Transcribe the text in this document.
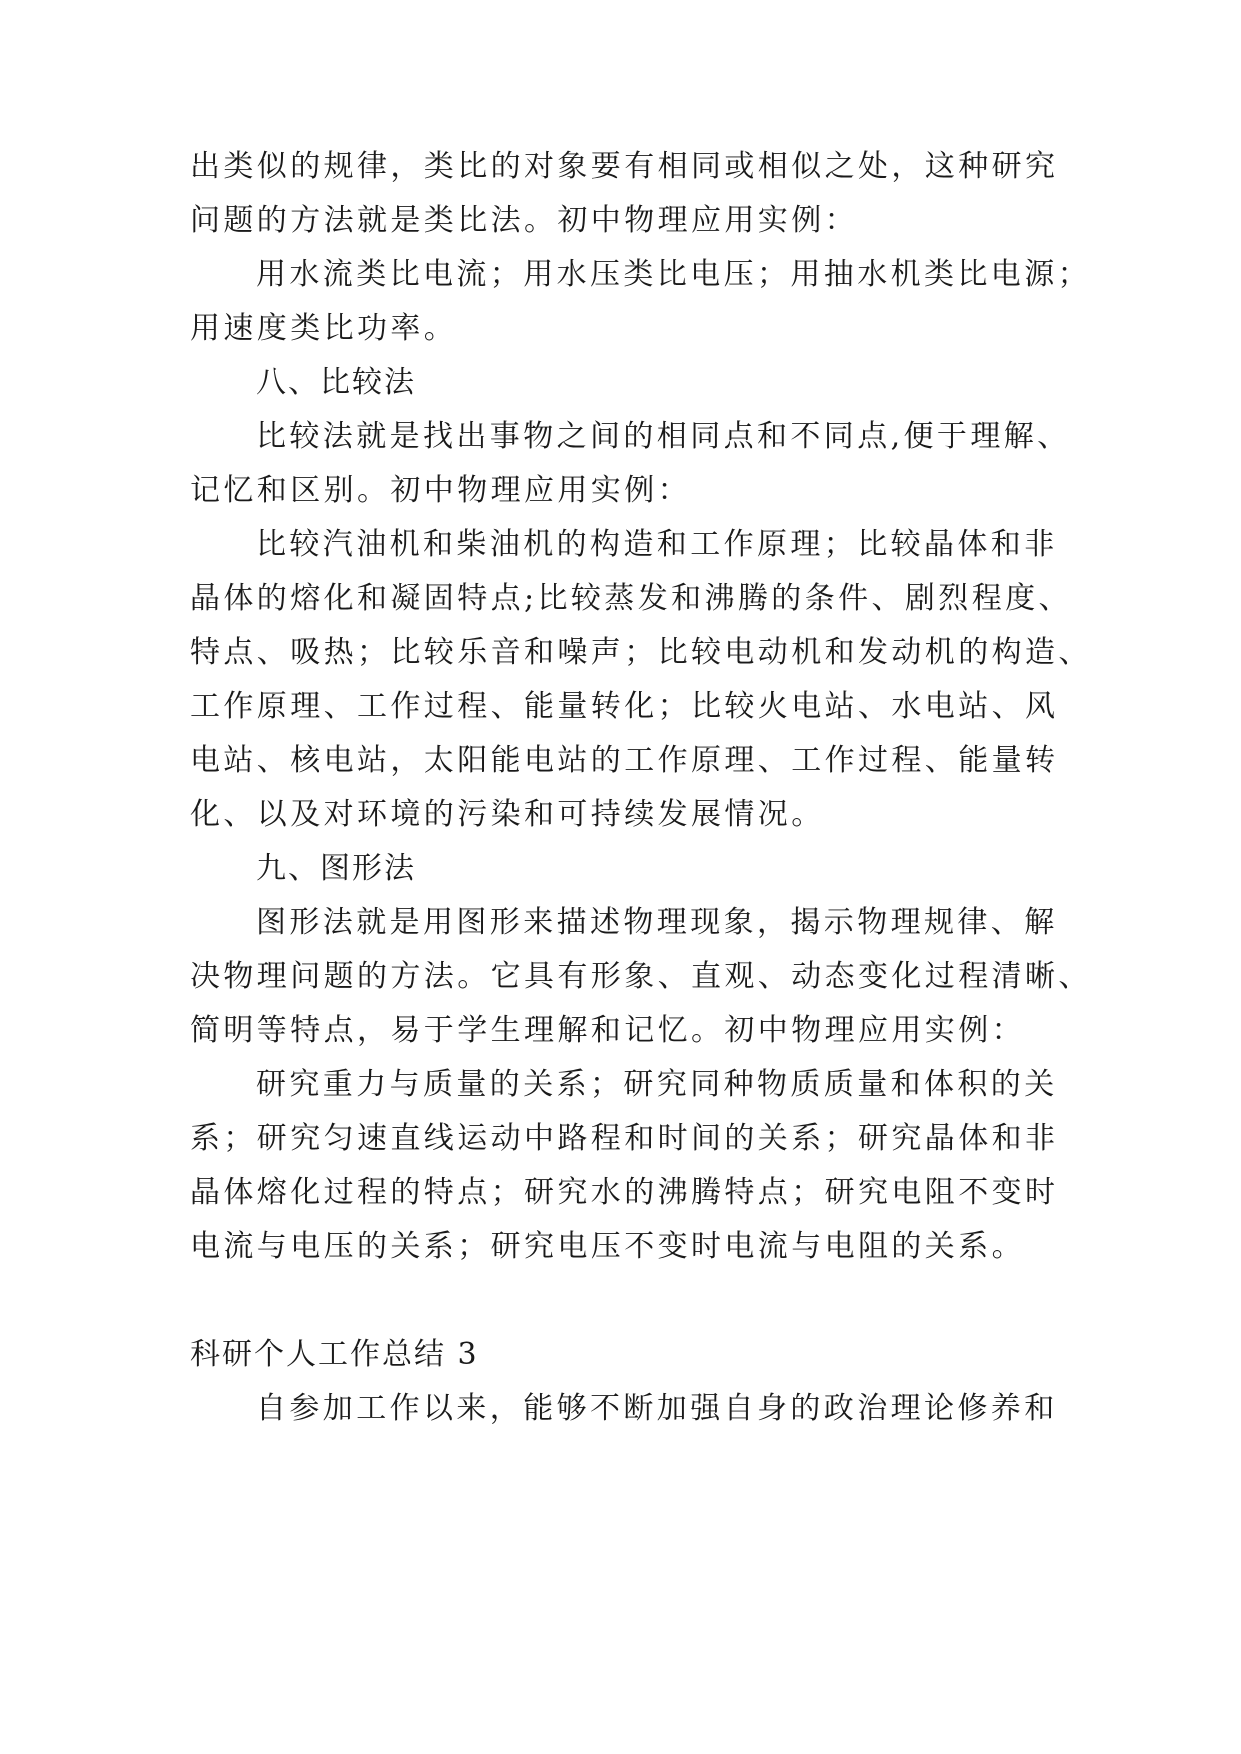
出类似的规律，类比的对象要有相同或相似之处，这种研究
问题的方法就是类比法。初中物理应用实例：
用水流类比电流；用水压类比电压；用抽水机类比电源；
用速度类比功率。
八、比较法
比较法就是找出事物之间的相同点和不同点,便于理解、
记忆和区别。初中物理应用实例：
比较汽油机和柴油机的构造和工作原理；比较晶体和非
晶体的熔化和凝固特点;比较蒸发和沸腾的条件、剧烈程度、
特点、吸热；比较乐音和噪声；比较电动机和发动机的构造、
工作原理、工作过程、能量转化；比较火电站、水电站、风
电站、核电站，太阳能电站的工作原理、工作过程、能量转
化、以及对环境的污染和可持续发展情况。
九、图形法
图形法就是用图形来描述物理现象，揭示物理规律、解
决物理问题的方法。它具有形象、直观、动态变化过程清晰、
简明等特点，易于学生理解和记忆。初中物理应用实例：
研究重力与质量的关系；研究同种物质质量和体积的关
系；研究匀速直线运动中路程和时间的关系；研究晶体和非
晶体熔化过程的特点；研究水的沸腾特点；研究电阻不变时
电流与电压的关系；研究电压不变时电流与电阻的关系。
科研个人工作总结 3
自参加工作以来，能够不断加强自身的政治理论修养和
